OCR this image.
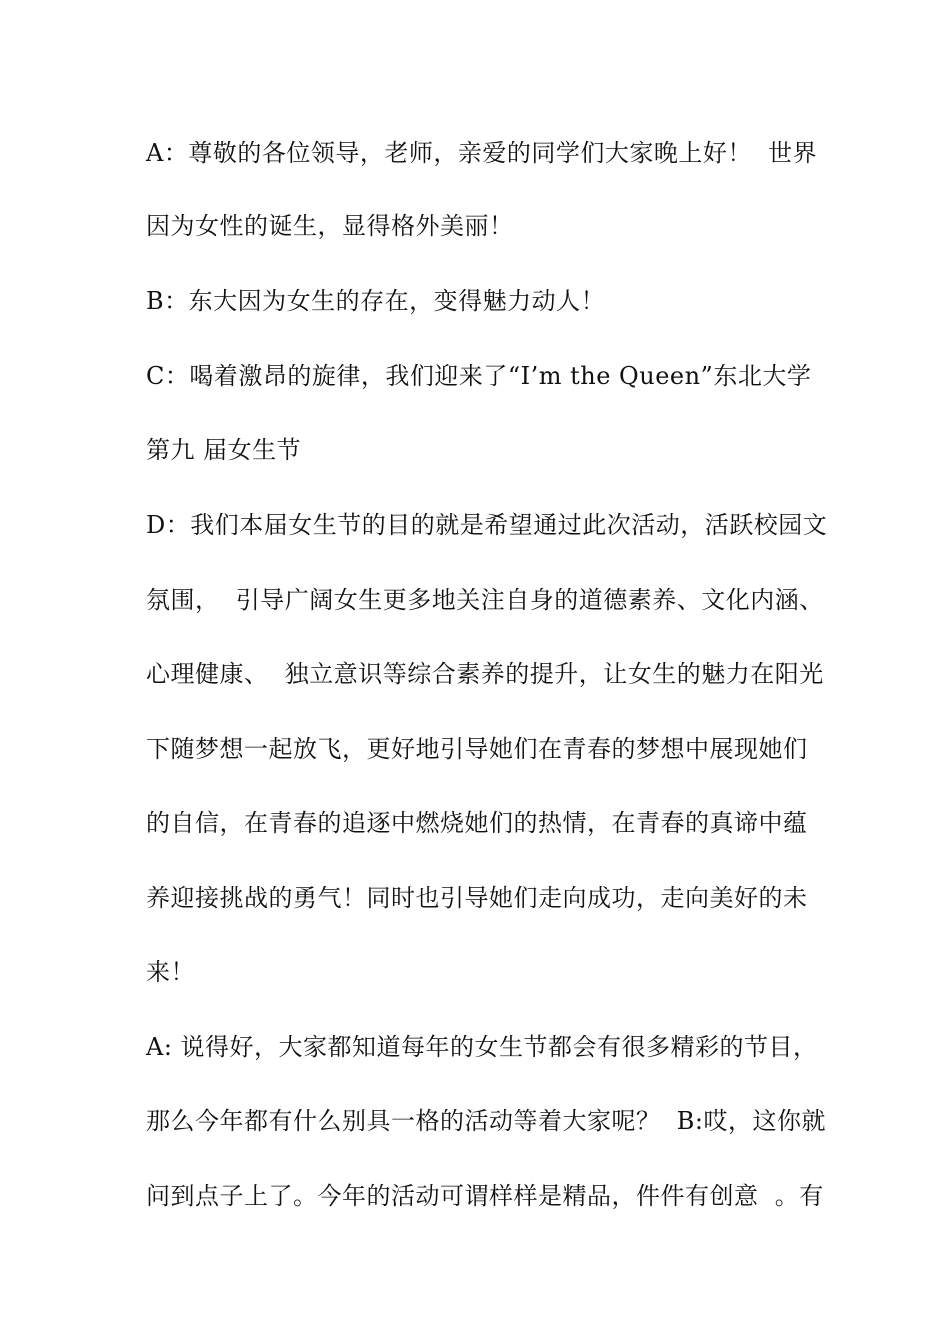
A：尊敬的各位领导，老师，亲爱的同学们大家晚上好！  世界
因为女性的诞生，显得格外美丽！
B：东大因为女生的存在，变得魅力动人！
C：喝着激昂的旋律，我们迎来了“I’m the Queen”东北大学
第九 届女生节
D：我们本届女生节的目的就是希望通过此次活动，活跃校园文
氛围，  引导广阔女生更多地关注自身的道德素养、文化内涵、
心理健康、  独立意识等综合素养的提升，让女生的魅力在阳光
下随梦想一起放飞，更好地引导她们在青春的梦想中展现她们
的自信，在青春的追逐中燃烧她们的热情，在青春的真谛中蕴
养迎接挑战的勇气！同时也引导她们走向成功，走向美好的未
来！
A: 说得好，大家都知道每年的女生节都会有很多精彩的节目，
那么今年都有什么别具一格的活动等着大家呢？  B:哎，这你就
问到点子上了。今年的活动可谓样样是精品，件件有创意  。有
